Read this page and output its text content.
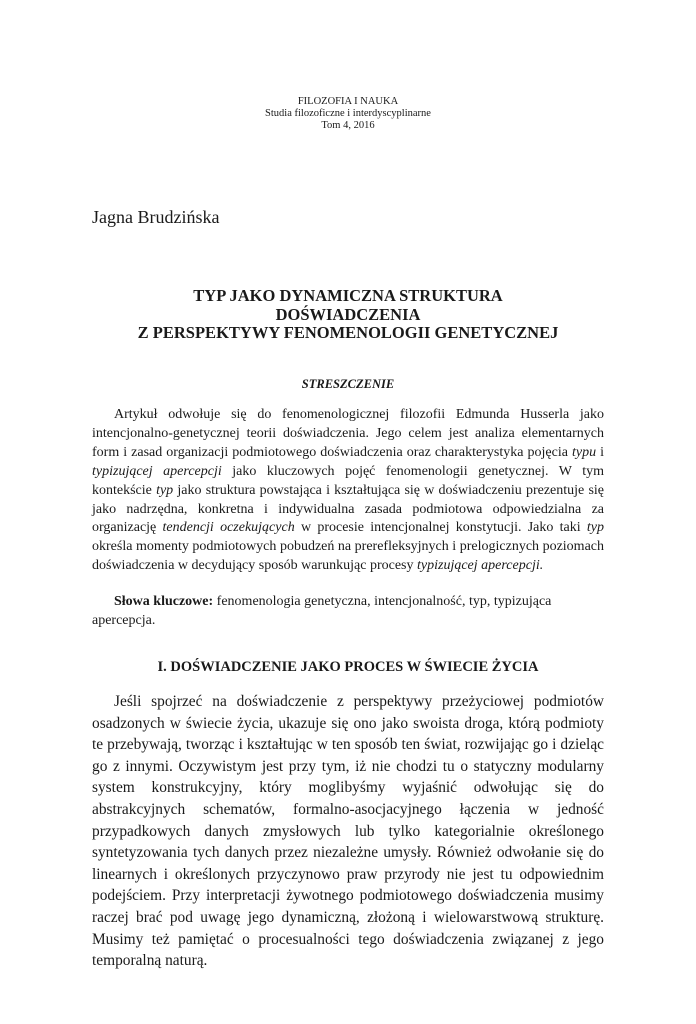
FILOZOFIA I NAUKA
Studia filozoficzne i interdyscyplinarne
Tom 4, 2016
Jagna Brudzińska
TYP JAKO DYNAMICZNA STRUKTURA
DOŚWIADCZENIA
Z PERSPEKTYWY FENOMENOLOGII GENETYCZNEJ
STRESZCZENIE

Artykuł odwołuje się do fenomenologicznej filozofii Edmunda Husserla jako intencjonalno-genetycznej teorii doświadczenia. Jego celem jest analiza elementarnych form i zasad organizacji podmiotowego doświadczenia oraz charakterystyka pojęcia typu i typizującej apercepcji jako kluczowych pojęć fenomenologii genetycznej. W tym kontekście typ jako struktura powstająca i kształtująca się w doświadczeniu prezentuje się jako nadrzędna, konkretna i indywidualna zasada podmiotowa odpowiedzialna za organizację tendencji oczekujących w procesie intencjonalnej konstytucji. Jako taki typ określa momenty podmiotowych pobudzeń na prerefleksyjnych i prelogicznych poziomach doświadczenia w decydujący sposób warunkując procesy typizującej apercepcji.

Słowa kluczowe: fenomenologia genetyczna, intencjonalność, typ, typizująca apercepcja.

I. DOŚWIADCZENIE JAKO PROCES W ŚWIECIE ŻYCIA

Jeśli spojrzeć na doświadczenie z perspektywy przeżyciowej podmiotów osadzonych w świecie życia, ukazuje się ono jako swoista droga, którą podmioty te przebywają, tworząc i kształtując w ten sposób ten świat, rozwijając go i dzieląc go z innymi. Oczywistym jest przy tym, iż nie chodzi tu o statyczny modularny system konstrukcyjny, który moglibyśmy wyjaśnić odwołując się do abstrakcyjnych schematów, formalno-asocjacyjnego łączenia w jedność przypadkowych danych zmysłowych lub tylko kategorialnie określonego syntetyzowania tych danych przez niezależne umysły. Również odwołanie się do linearnych i określonych przyczynowo praw przyrody nie jest tu odpowiednim podejściem. Przy interpretacji żywotnego podmiotowego doświadczenia musimy raczej brać pod uwagę jego dynamiczną, złożoną i wielowarstwową strukturę. Musimy też pamiętać o procesualności tego doświadczenia związanej z jego temporalną naturą.
